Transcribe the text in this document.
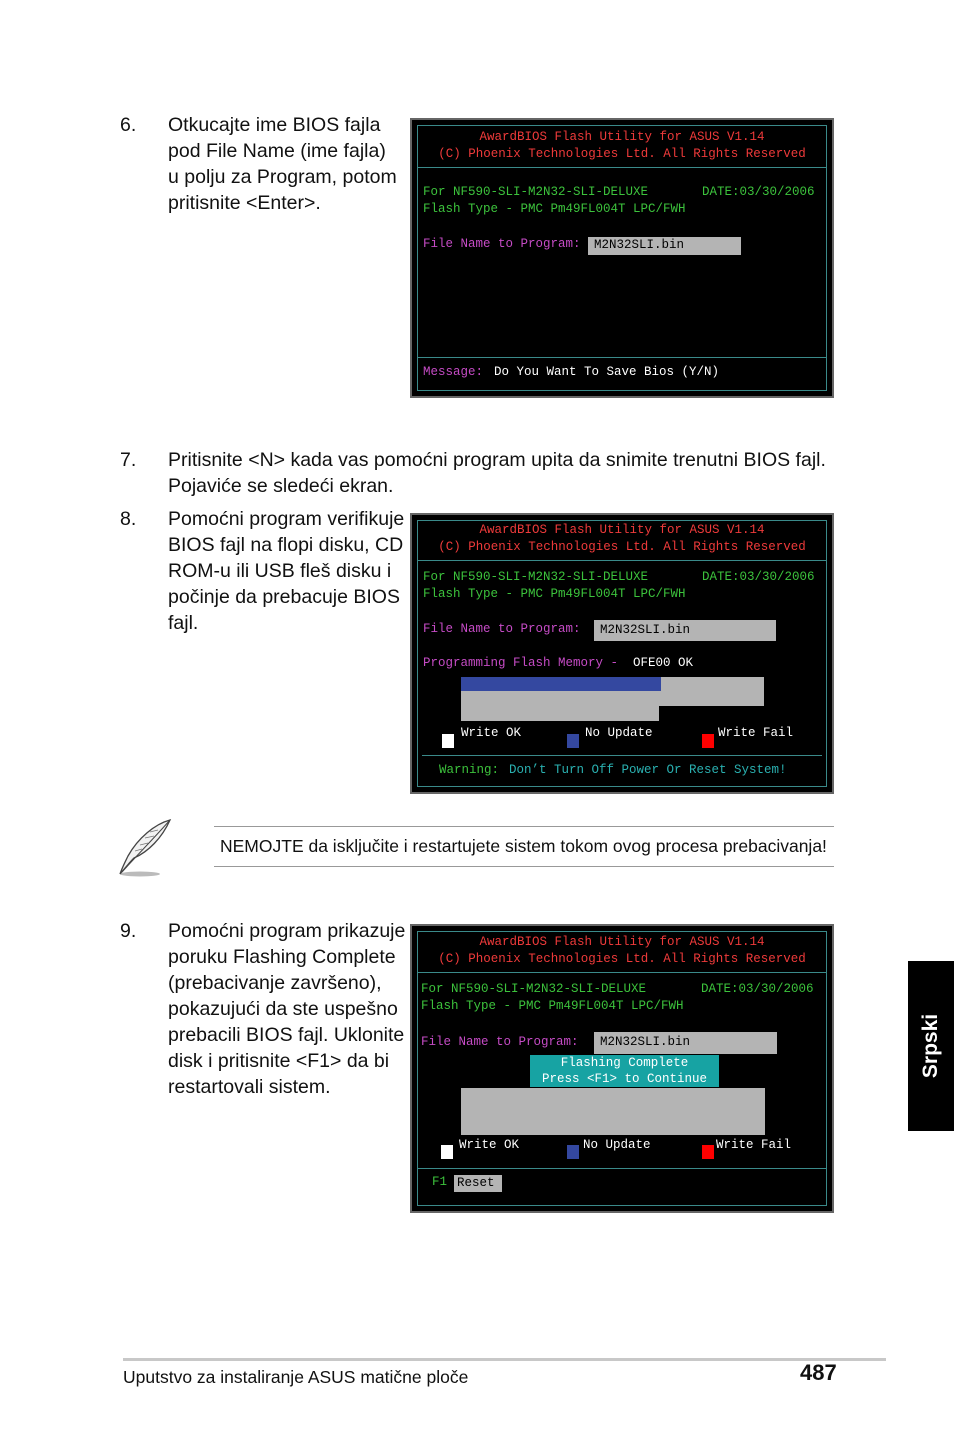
6. Otkucajte ime BIOS fajla
pod File Name (ime fajla)
u polju za Program, potom
pritisnite <Enter>.
AwardBIOS Flash Utility for ASUS V1.14
(C) Phoenix Technologies Ltd. All Rights Reserved
For NF590-SLI-M2N32-SLI-DELUXE	DATE:03/30/2006
Flash Type - PMC Pm49FL004T LPC/FWH
File Name to Program:	M2N32SLI.bin
Message: Do You Want To Save Bios (Y/N)
7. Pritisnite <N> kada vas pomoćni program upita da snimite trenutni BIOS fajl.
Pojaviće se sledeći ekran.
8. Pomoćni program verifikuje
BIOS fajl na flopi disku, CD
ROM-u ili USB fleš disku i
počinje da prebacuje BIOS
fajl.
AwardBIOS Flash Utility for ASUS V1.14
(C) Phoenix Technologies Ltd. All Rights Reserved
For NF590-SLI-M2N32-SLI-DELUXE	DATE:03/30/2006
Flash Type - PMC Pm49FL004T LPC/FWH
File Name to Program:	M2N32SLI.bin
Programming Flash Memory - OFE00 OK
Write OK	No Update	Write Fail
Warning: Don’t Turn Off Power Or Reset System!
NEMOJTE da isključite i restartujete sistem tokom ovog procesa prebacivanja!
9. Pomoćni program prikazuje
poruku Flashing Complete
(prebacivanje završeno),
pokazujući da ste uspešno
prebacili BIOS fajl. Uklonite
disk i pritisnite <F1> da bi
restartovali sistem.
AwardBIOS Flash Utility for ASUS V1.14
(C) Phoenix Technologies Ltd. All Rights Reserved
For NF590-SLI-M2N32-SLI-DELUXE	DATE:03/30/2006
Flash Type - PMC Pm49FL004T LPC/FWH
File Name to Program:	M2N32SLI.bin
Flashing Complete
Press <F1> to Continue
Write OK	No Update	Write Fail
F1 Reset
Srpski
Uputstvo za instaliranje ASUS matične ploče	487
